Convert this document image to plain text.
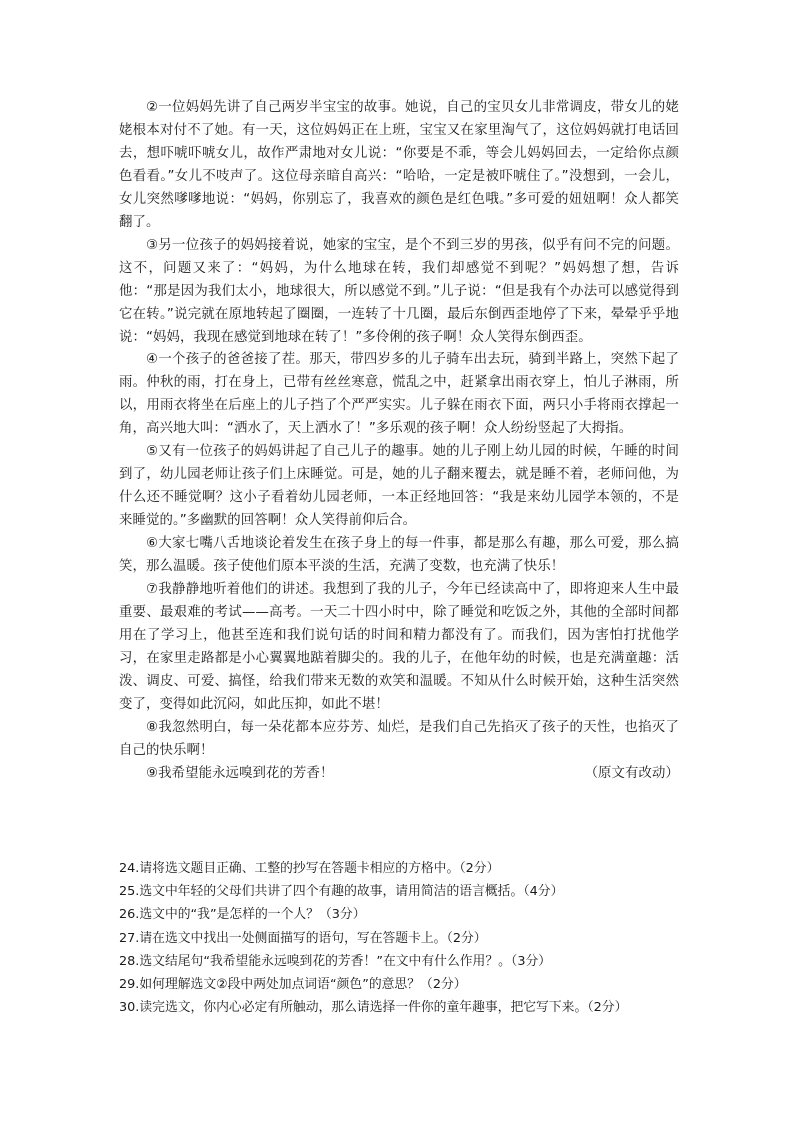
②一位妈妈先讲了自己两岁半宝宝的故事。她说，自己的宝贝女儿非常调皮，带女儿的姥姥根本对付不了她。有一天，这位妈妈正在上班，宝宝又在家里淘气了，这位妈妈就打电话回去，想吓唬吓唬女儿，故作严肃地对女儿说：“你要是不乖，等会儿妈妈回去，一定给你点颜色看看。”女儿不吱声了。这位母亲暗自高兴：“哈哈，一定是被吓唬住了。”没想到，一会儿，女儿突然嗲嗲地说：“妈妈，你别忘了，我喜欢的颜色是红色哦。”多可爱的妞妞啊！众人都笑翻了。

③另一位孩子的妈妈接着说，她家的宝宝，是个不到三岁的男孩，似乎有问不完的问题。这不，问题又来了：“妈妈，为什么地球在转，我们却感觉不到呢？”妈妈想了想，告诉他：“那是因为我们太小，地球很大，所以感觉不到。”儿子说：“但是我有个办法可以感觉得到它在转。”说完就在原地转起了圈圈，一连转了十几圈，最后东倒西歪地停了下来，晕晕乎乎地说：“妈妈，我现在感觉到地球在转了！”多伶俐的孩子啊！众人笑得东倒西歪。

④一个孩子的爸爸接了茬。那天，带四岁多的儿子骑车出去玩，骑到半路上，突然下起了雨。仲秋的雨，打在身上，已带有丝丝寒意，慌乱之中，赶紧拿出雨衣穿上，怕儿子淋雨，所以，用雨衣将坐在后座上的儿子挡了个严严实实。儿子躲在雨衣下面，两只小手将雨衣撑起一角，高兴地大叫：“洒水了，天上洒水了！”多乐观的孩子啊！众人纷纷竖起了大拇指。

⑤又有一位孩子的妈妈讲起了自己儿子的趣事。她的儿子刚上幼儿园的时候，午睡的时间到了，幼儿园老师让孩子们上床睡觉。可是，她的儿子翻来覆去，就是睡不着，老师问他，为什么还不睡觉啊？这小子看着幼儿园老师，一本正经地回答：“我是来幼儿园学本领的，不是来睡觉的。”多幽默的回答啊！众人笑得前仰后合。

⑥大家七嘴八舌地谈论着发生在孩子身上的每一件事，都是那么有趣，那么可爱，那么搞笑，那么温暖。孩子使他们原本平淡的生活，充满了变数，也充满了快乐！

⑦我静静地听着他们的讲述。我想到了我的儿子，今年已经读高中了，即将迎来人生中最重要、最艰难的考试——高考。一天二十四小时中，除了睡觉和吃饭之外，其他的全部时间都用在了学习上，他甚至连和我们说句话的时间和精力都没有了。而我们，因为害怕打扰他学习，在家里走路都是小心翼翼地踮着脚尖的。我的儿子，在他年幼的时候，也是充满童趣：活泼、调皮、可爱、搞怪，给我们带来无数的欢笑和温暖。不知从什么时候开始，这种生活突然变了，变得如此沉闷，如此压抑，如此不堪！

⑧我忽然明白，每一朵花都本应芬芳、灿烂，是我们自己先掐灭了孩子的天性，也掐灭了自己的快乐啊！

⑨我希望能永远嗅到花的芳香！	（原文有改动）

24.请将选文题目正确、工整的抄写在答题卡相应的方格中。（2分）

25.选文中年轻的父母们共讲了四个有趣的故事，请用简洁的语言概括。（4分）

26.选文中的“我”是怎样的一个人？（3分）

27.请在选文中找出一处侧面描写的语句，写在答题卡上。（2分）

28.选文结尾句“我希望能永远嗅到花的芳香！”在文中有什么作用？。（3分）

29.如何理解选文②段中两处加点词语“颜色”的意思？（2分）

30.读完选文，你内心必定有所触动，那么请选择一件你的童年趣事，把它写下来。（2分）
